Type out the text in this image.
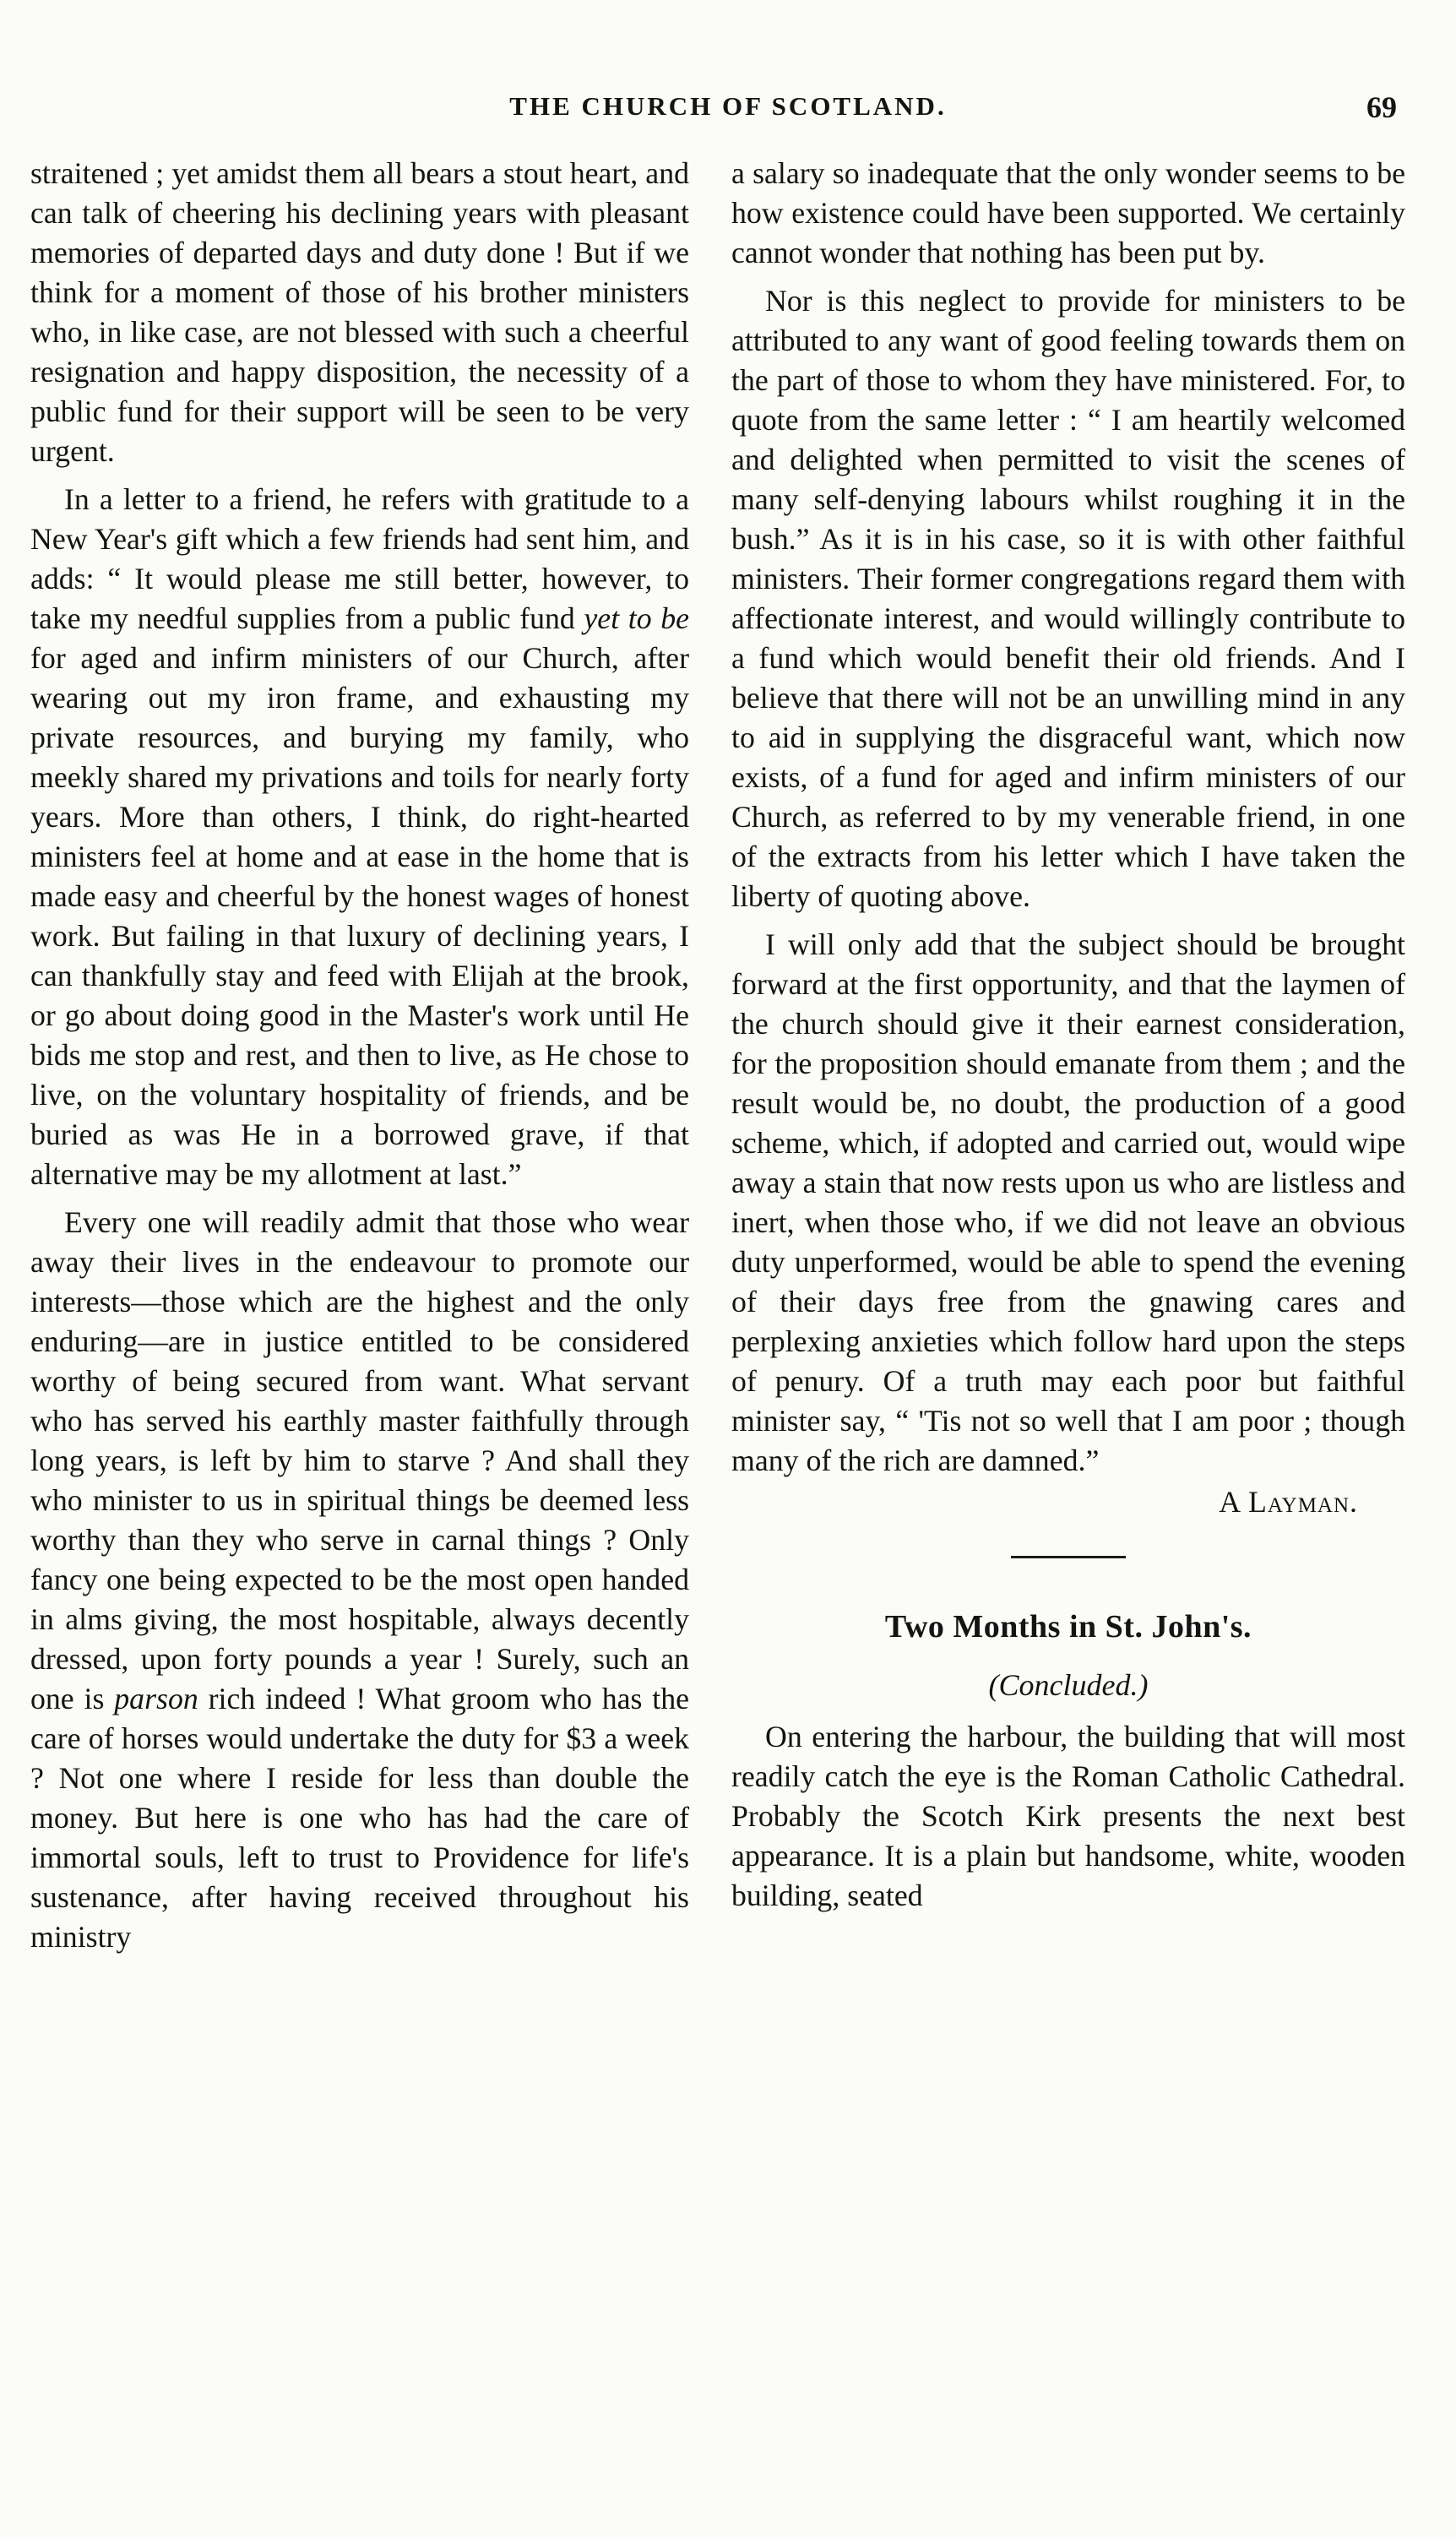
THE CHURCH OF SCOTLAND.	69

straitened ; yet amidst them all bears a stout heart, and can talk of cheering his declining years with pleasant memories of departed days and duty done ! But if we think for a moment of those of his brother ministers who, in like case, are not blessed with such a cheerful resignation and happy disposition, the necessity of a public fund for their support will be seen to be very urgent.

In a letter to a friend, he refers with gratitude to a New Year's gift which a few friends had sent him, and adds: “ It would please me still better, however, to take my needful supplies from a public fund yet to be for aged and infirm ministers of our Church, after wearing out my iron frame, and exhausting my private resources, and burying my family, who meekly shared my privations and toils for nearly forty years. More than others, I think, do right-hearted ministers feel at home and at ease in the home that is made easy and cheerful by the honest wages of honest work. But failing in that luxury of declining years, I can thankfully stay and feed with Elijah at the brook, or go about doing good in the Master's work until He bids me stop and rest, and then to live, as He chose to live, on the voluntary hospitality of friends, and be buried as was He in a borrowed grave, if that alternative may be my allotment at last.”

Every one will readily admit that those who wear away their lives in the endeavour to promote our interests—those which are the highest and the only enduring—are in justice entitled to be considered worthy of being secured from want. What servant who has served his earthly master faithfully through long years, is left by him to starve ? And shall they who minister to us in spiritual things be deemed less worthy than they who serve in carnal things ? Only fancy one being expected to be the most open handed in alms giving, the most hospitable, always decently dressed, upon forty pounds a year ! Surely, such an one is parson rich indeed ! What groom who has the care of horses would undertake the duty for $3 a week ? Not one where I reside for less than double the money. But here is one who has had the care of immortal souls, left to trust to Providence for life's sustenance, after having received throughout his ministry

a salary so inadequate that the only wonder seems to be how existence could have been supported. We certainly cannot wonder that nothing has been put by.

Nor is this neglect to provide for ministers to be attributed to any want of good feeling towards them on the part of those to whom they have ministered. For, to quote from the same letter : “ I am heartily welcomed and delighted when permitted to visit the scenes of many self-denying labours whilst roughing it in the bush.” As it is in his case, so it is with other faithful ministers. Their former congregations regard them with affectionate interest, and would willingly contribute to a fund which would benefit their old friends. And I believe that there will not be an unwilling mind in any to aid in supplying the disgraceful want, which now exists, of a fund for aged and infirm ministers of our Church, as referred to by my venerable friend, in one of the extracts from his letter which I have taken the liberty of quoting above.

I will only add that the subject should be brought forward at the first opportunity, and that the laymen of the church should give it their earnest consideration, for the proposition should emanate from them ; and the result would be, no doubt, the production of a good scheme, which, if adopted and carried out, would wipe away a stain that now rests upon us who are listless and inert, when those who, if we did not leave an obvious duty unperformed, would be able to spend the evening of their days free from the gnawing cares and perplexing anxieties which follow hard upon the steps of penury. Of a truth may each poor but faithful minister say, “ 'Tis not so well that I am poor ; though many of the rich are damned.”

A Layman.
Two Months in St. John's.
(Concluded.)

On entering the harbour, the building that will most readily catch the eye is the Roman Catholic Cathedral. Probably the Scotch Kirk presents the next best appearance. It is a plain but handsome, white, wooden building, seated
